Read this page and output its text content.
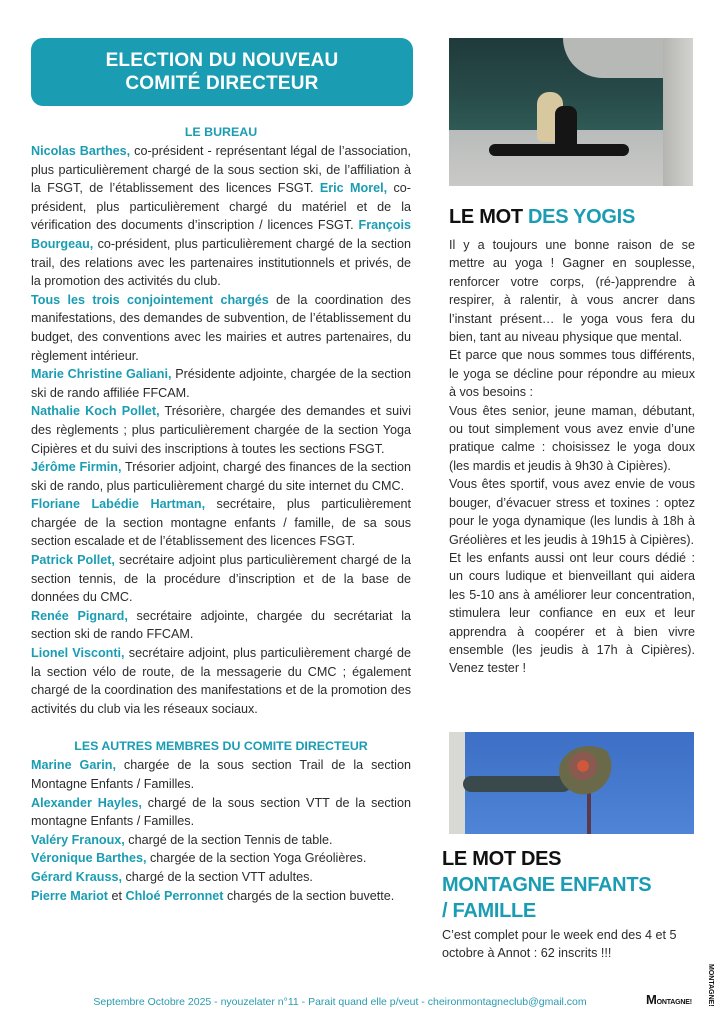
ELECTION DU NOUVEAU
COMITÉ DIRECTEUR
LE BUREAU
Nicolas Barthes, co-président - représentant légal de l’association, plus particulièrement chargé de la sous section ski, de l’affiliation à la FSGT, de l’établissement des licences FSGT. Eric Morel, co-président, plus particulièrement chargé du matériel et de la vérification des documents d’inscription / licences FSGT. François Bourgeau, co-président, plus particulièrement chargé de la section trail, des relations avec les partenaires institutionnels et privés, de la promotion des activités du club.
Tous les trois conjointement chargés de la coordination des manifestations, des demandes de subvention, de l’établissement du budget, des conventions avec les mairies et autres partenaires, du règlement intérieur.
Marie Christine Galiani, Présidente adjointe, chargée de la section ski de rando affiliée FFCAM.
Nathalie Koch Pollet, Trésorière, chargée des demandes et suivi des règlements ; plus particulièrement chargée de la section Yoga Cipières et du suivi des inscriptions à toutes les sections FSGT.
Jérôme Firmin, Trésorier adjoint, chargé des finances de la section ski de rando, plus particulièrement chargé du site internet du CMC.
Floriane Labédie Hartman, secrétaire, plus particulièrement chargée de la section montagne enfants / famille, de sa sous section escalade et de l’établissement des licences FSGT.
Patrick Pollet, secrétaire adjoint plus particulièrement chargé de la section tennis, de la procédure d’inscription et de la base de données du CMC.
Renée Pignard, secrétaire adjointe, chargée du secrétariat la section ski de rando FFCAM.
Lionel Visconti, secrétaire adjoint, plus particulièrement chargé de la section vélo de route, de la messagerie du CMC ; également chargé de la coordination des manifestations et de la promotion des activités du club via les réseaux sociaux.
LES AUTRES MEMBRES DU COMITE DIRECTEUR
Marine Garin, chargée de la sous section Trail de la section Montagne Enfants / Familles.
Alexander Hayles, chargé de la sous section VTT de la section montagne Enfants / Familles.
Valéry Franoux, chargé de la section Tennis de table.
Véronique Barthes, chargée de la section Yoga Gréolières.
Gérard Krauss, chargé de la section VTT adultes.
Pierre Mariot et Chloé Perronnet chargés de la section buvette.
LE MOT DES YOGIS
Il y a toujours une bonne raison de se mettre au yoga ! Gagner en souplesse, renforcer votre corps, (ré-)apprendre à respirer, à ralentir, à vous ancrer dans l’instant présent… le yoga vous fera du bien, tant au niveau physique que mental.
Et parce que nous sommes tous différents, le yoga se décline pour répondre au mieux à vos besoins :
Vous êtes senior, jeune maman, débutant, ou tout simplement vous avez envie d’une pratique calme : choisissez le yoga doux (les mardis et jeudis à 9h30 à Cipières).
Vous êtes sportif, vous avez envie de vous bouger, d’évacuer stress et toxines : optez pour le yoga dynamique (les lundis à 18h à Gréolières et les jeudis à 19h15 à Cipières).
Et les enfants aussi ont leur cours dédié : un cours ludique et bienveillant qui aidera les 5-10 ans à améliorer leur concentration, stimulera leur confiance en eux et leur apprendra à coopérer et à bien vivre ensemble (les jeudis à 17h à Cipières). Venez tester !
LE MOT DES
MONTAGNE ENFANTS
/ FAMILLE
C’est complet pour le week end des 4 et 5 octobre à Annot : 62 inscrits !!!
Septembre Octobre 2025 - nyouzelater n°11 - Parait quand elle p/veut - cheironmontagneclub@gmail.com
MONTAGNE!
MONTAGNE!
